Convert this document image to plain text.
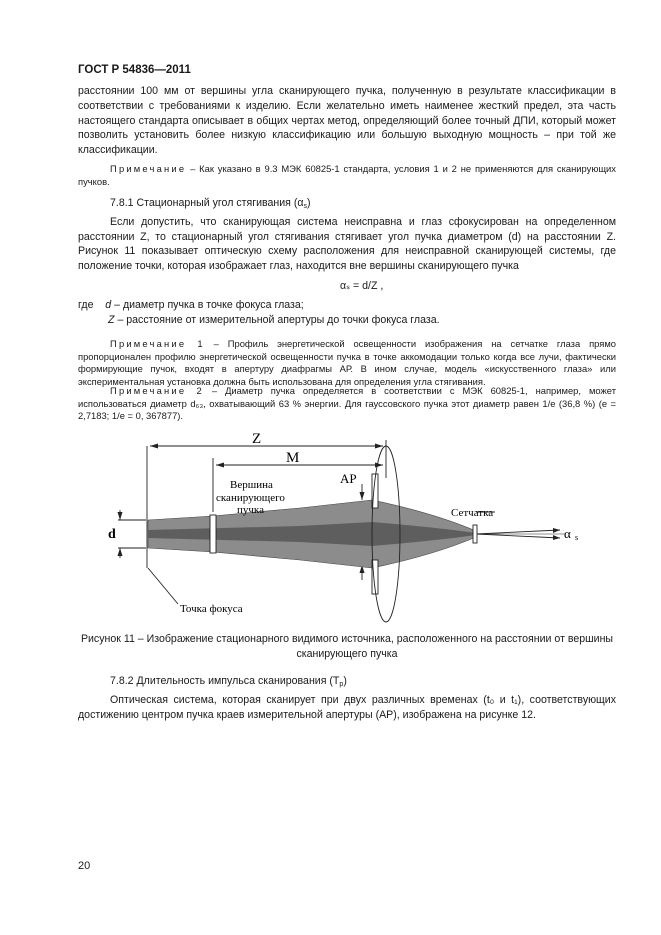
ГОСТ Р 54836—2011

расстоянии 100 мм от вершины угла сканирующего пучка, полученную в результате классификации в соответствии с требованиями к изделию. Если желательно иметь наименее жесткий предел, эта часть настоящего стандарта описывает в общих чертах метод, определяющий более точный ДПИ, который может позволить установить более низкую классификацию или большую выходную мощность – при той же классификации.

Примечание – Как указано в 9.3 МЭК 60825-1 стандарта, условия 1 и 2 не применяются для сканирующих пучков.

7.8.1 Стационарный угол стягивания $(\alpha_s)$

Если допустить, что сканирующая система неисправна и глаз сфокусирован на определенном расстоянии Z, то стационарный угол стягивания стягивает угол пучка диаметром (d) на расстоянии Z. Рисунок 11 показывает оптическую схему расположения для неисправной сканирующей системы, где положение точки, которая изображает глаз, находится вне вершины сканирующего пучка

αₛ = d/Z ,
где d – диаметр пучка в точке фокуса глаза;
Z – расстояние от измерительной апертуры до точки фокуса глаза.

Примечание 1 – Профиль энергетической освещенности изображения на сетчатке глаза прямо пропорционален профилю энергетической освещенности пучка в точке аккомодации только когда все лучи, фактически формирующие пучок, входят в апертуру диафрагмы АР. В ином случае, модель «искусственного глаза» или экспериментальная установка должна быть использована для определения угла стягивания.

Примечание 2 – Диаметр пучка определяется в соответствии с МЭК 60825-1, например, может использоваться диаметр d₆₃, охватывающий 63 % энергии. Для гауссовского пучка этот диаметр равен 1/e (36,8 %) (e = 2,7183; 1/e = 0, 367877).

Z
M
AP
d
Вершина
сканирующего
пучка	Сетчатка
α s
Точка фокуса
Рисунок 11 – Изображение стационарного видимого источника, расположенного на расстоянии от вершины сканирующего пучка

7.8.2 Длительность импульса сканирования $(T_p)$

Оптическая система, которая сканирует при двух различных временах (t₀ и t₁), соответствующих достижению центром пучка краев измерительной апертуры (АР), изображена на рисунке 12.

20
